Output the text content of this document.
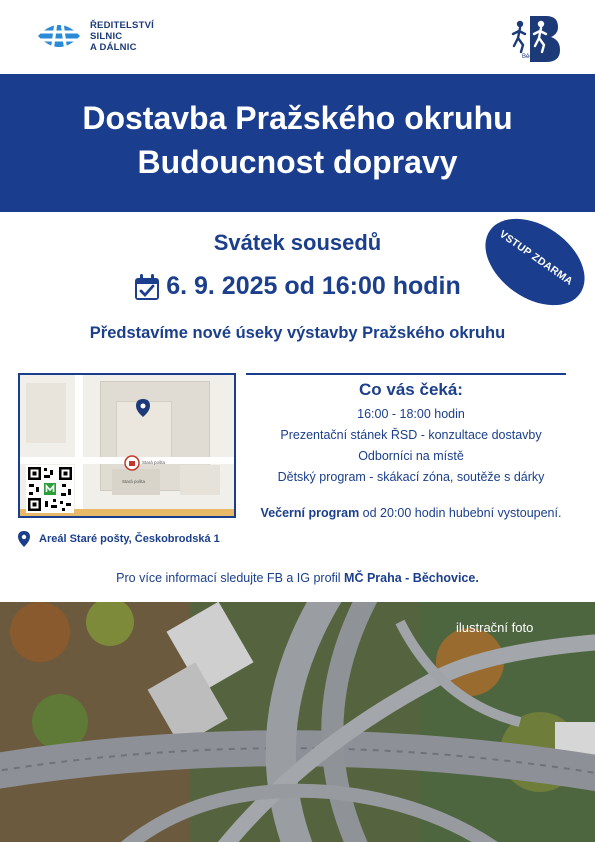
ŘEDITELSTVÍ
SILNIC
A DÁLNIC
Běchovice
Dostavba Pražského okruhu
Budoucnost dopravy
Svátek sousedů
6. 9. 2025 od 16:00 hodin	VSTUP ZDARMA
Představíme nové úseky výstavby Pražského okruhu
Stará pošta
Stará pošta
Co vás čeká:
16:00 - 18:00 hodin
Prezentační stánek ŘSD - konzultace dostavby
Odborníci na místě
Dětský program - skákací zóna, soutěže s dárky
Večerní program od 20:00 hodin hubební vystoupení.
Areál Staré pošty, Českobrodská 1
Pro více informací sledujte FB a IG profil MČ Praha - Běchovice.
ilustrační foto
